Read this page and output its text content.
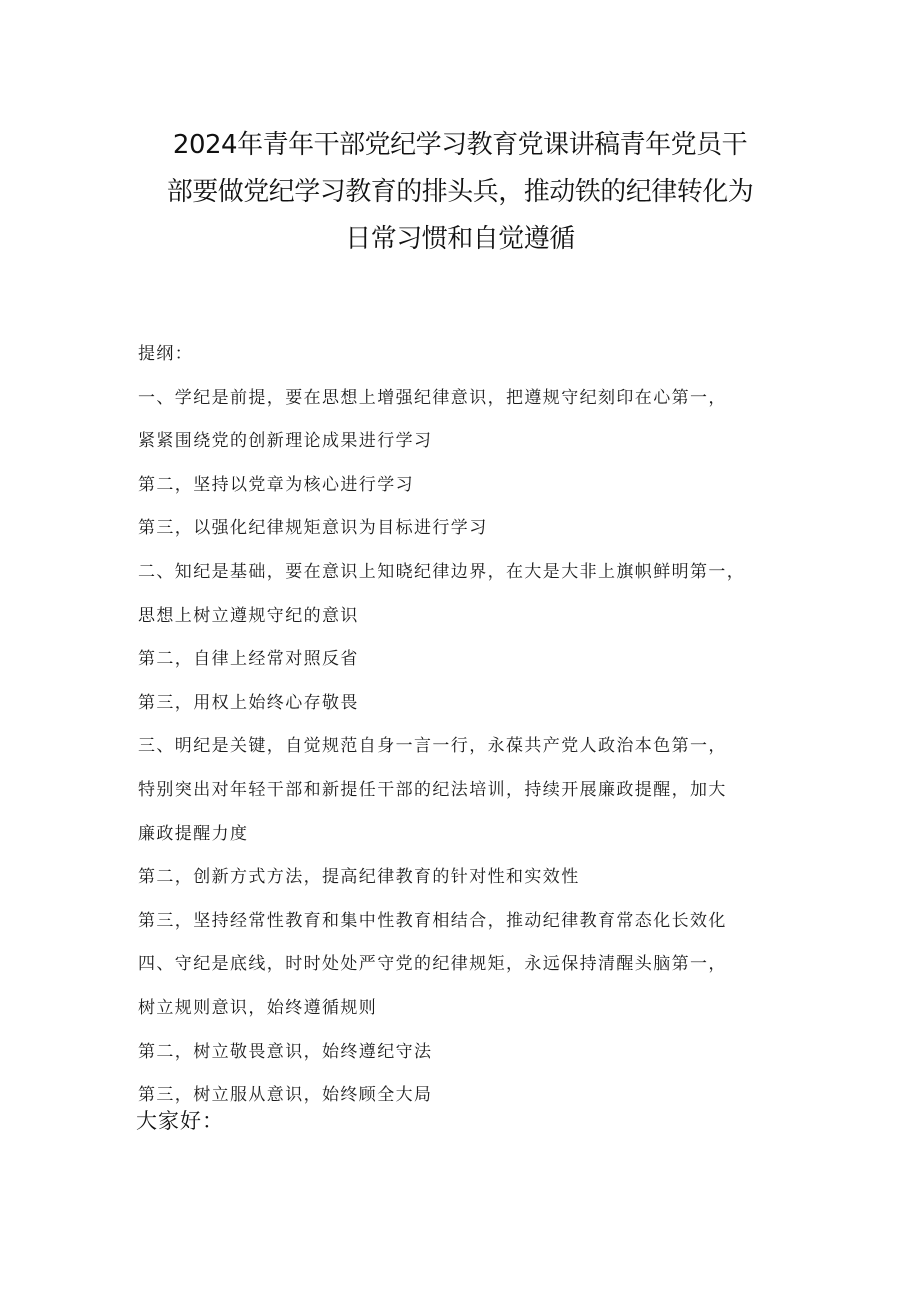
2024年青年干部党纪学习教育党课讲稿青年党员干
部要做党纪学习教育的排头兵，推动铁的纪律转化为
日常习惯和自觉遵循
提纲：
一、学纪是前提，要在思想上增强纪律意识，把遵规守纪刻印在心第一，
紧紧围绕党的创新理论成果进行学习
第二，坚持以党章为核心进行学习
第三，以强化纪律规矩意识为目标进行学习
二、知纪是基础，要在意识上知晓纪律边界，在大是大非上旗帜鲜明第一，
思想上树立遵规守纪的意识
第二，自律上经常对照反省
第三，用权上始终心存敬畏
三、明纪是关键，自觉规范自身一言一行，永葆共产党人政治本色第一，
特别突出对年轻干部和新提任干部的纪法培训，持续开展廉政提醒，加大
廉政提醒力度
第二，创新方式方法，提高纪律教育的针对性和实效性
第三，坚持经常性教育和集中性教育相结合，推动纪律教育常态化长效化
四、守纪是底线，时时处处严守党的纪律规矩，永远保持清醒头脑第一，
树立规则意识，始终遵循规则
第二，树立敬畏意识，始终遵纪守法
第三，树立服从意识，始终顾全大局
大家好：
